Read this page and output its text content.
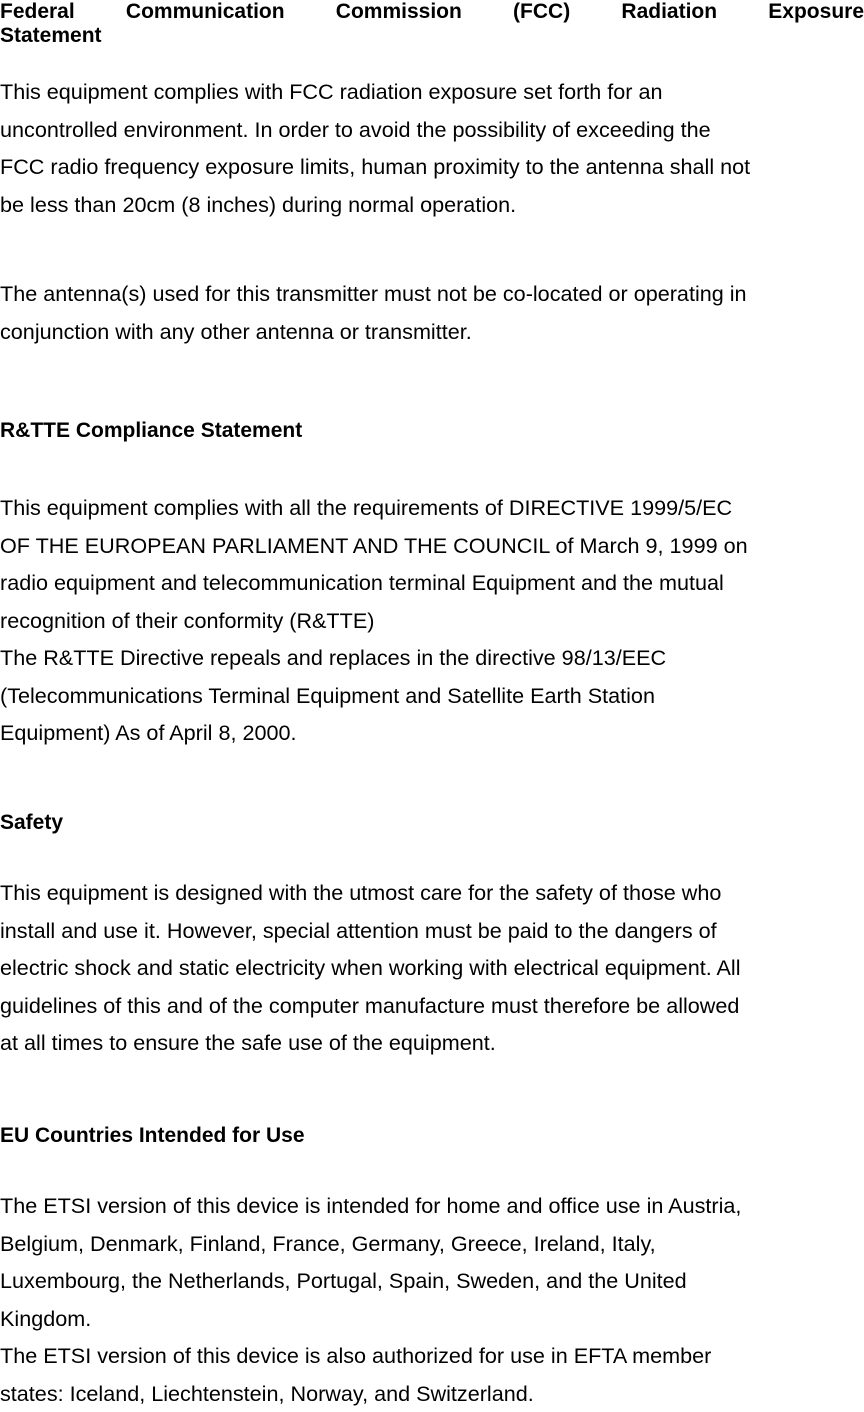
Federal Communication Commission (FCC) Radiation Exposure
Statement

This equipment complies with FCC radiation exposure set forth for an
uncontrolled environment. In order to avoid the possibility of exceeding the
FCC radio frequency exposure limits, human proximity to the antenna shall not
be less than 20cm (8 inches) during normal operation.

The antenna(s) used for this transmitter must not be co-located or operating in
conjunction with any other antenna or transmitter.

R&TTE Compliance Statement

This equipment complies with all the requirements of DIRECTIVE 1999/5/EC
OF THE EUROPEAN PARLIAMENT AND THE COUNCIL of March 9, 1999 on
radio equipment and telecommunication terminal Equipment and the mutual
recognition of their conformity (R&TTE)
The R&TTE Directive repeals and replaces in the directive 98/13/EEC
(Telecommunications Terminal Equipment and Satellite Earth Station
Equipment) As of April 8, 2000.

Safety

This equipment is designed with the utmost care for the safety of those who
install and use it. However, special attention must be paid to the dangers of
electric shock and static electricity when working with electrical equipment. All
guidelines of this and of the computer manufacture must therefore be allowed
at all times to ensure the safe use of the equipment.

EU Countries Intended for Use

The ETSI version of this device is intended for home and office use in Austria,
Belgium, Denmark, Finland, France, Germany, Greece, Ireland, Italy,
Luxembourg, the Netherlands, Portugal, Spain, Sweden, and the United
Kingdom.
The ETSI version of this device is also authorized for use in EFTA member
states: Iceland, Liechtenstein, Norway, and Switzerland.
